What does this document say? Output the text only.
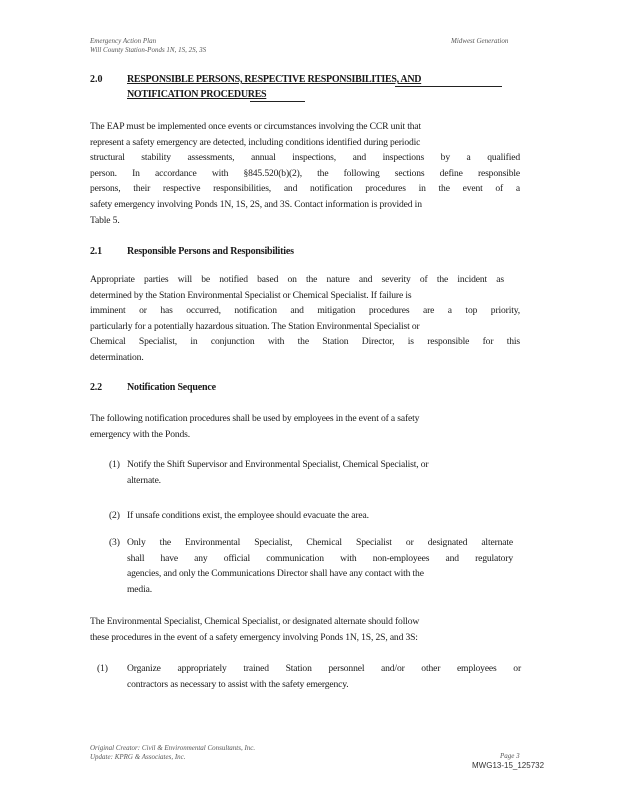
Emergency Action Plan
Will County Station-Ponds 1N, 1S, 2S, 3S
Midwest Generation
2.0 RESPONSIBLE PERSONS, RESPECTIVE RESPONSIBILITIES, AND
NOTIFICATION PROCEDURES
The EAP must be implemented once events or circumstances involving the CCR unit that
represent a safety emergency are detected, including conditions identified during periodic
structural stability assessments, annual inspections, and inspections by a qualified
person. In accordance with §845.520(b)(2), the following sections define responsible
persons, their respective responsibilities, and notification procedures in the event of a
safety emergency involving Ponds 1N, 1S, 2S, and 3S. Contact information is provided in
Table 5.
2.1	Responsible Persons and Responsibilities
Appropriate parties will be notified based on the nature and severity of the incident as
determined by the Station Environmental Specialist or Chemical Specialist. If failure is
imminent or has occurred, notification and mitigation procedures are a top priority,
particularly for a potentially hazardous situation. The Station Environmental Specialist or
Chemical Specialist, in conjunction with the Station Director, is responsible for this
determination.
2.2	Notification Sequence
The following notification procedures shall be used by employees in the event of a safety
emergency with the Ponds.
(1) Notify the Shift Supervisor and Environmental Specialist, Chemical Specialist, or
alternate.
(2) If unsafe conditions exist, the employee should evacuate the area.
(3) Only the Environmental Specialist, Chemical Specialist or designated alternate
shall have any official communication with non-employees and regulatory
agencies, and only the Communications Director shall have any contact with the
media.
The Environmental Specialist, Chemical Specialist, or designated alternate should follow
these procedures in the event of a safety emergency involving Ponds 1N, 1S, 2S, and 3S:
(1) Organize appropriately trained Station personnel and/or other employees or
contractors as necessary to assist with the safety emergency.
Original Creator: Civil & Environmental Consultants, Inc.
Update: KPRG & Associates, Inc.	Page 3
MWG13-15_125732
